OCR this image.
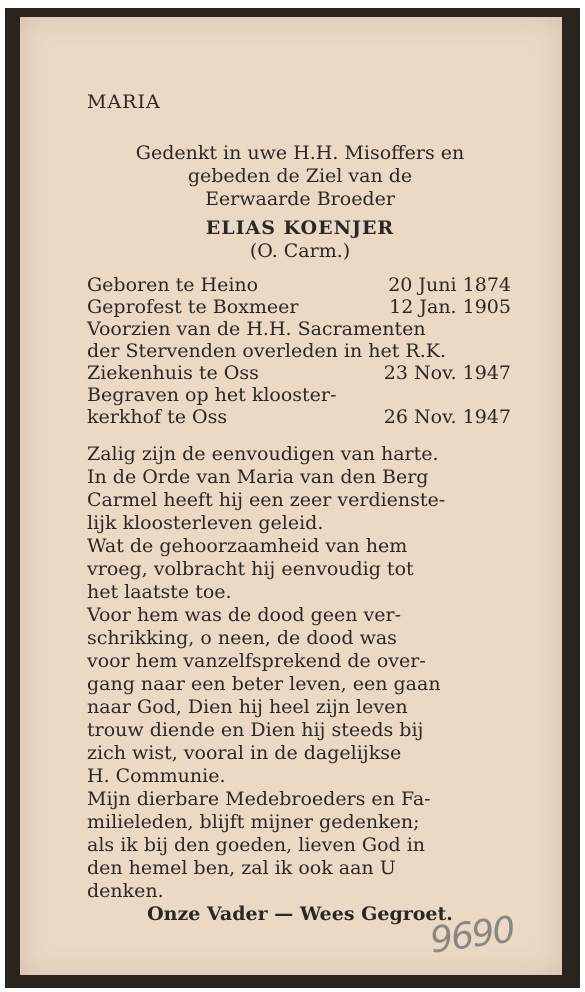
MARIA
Gedenkt in uwe H.H. Misoffers en
gebeden de Ziel van de
Eerwaarde Broeder
ELIAS KOENJER
(O. Carm.)
Geboren te Heino	20 Juni 1874
Geprofest te Boxmeer	12 Jan. 1905
Voorzien van de H.H. Sacramenten
der Stervenden overleden in het R.K.
Ziekenhuis te Oss	23 Nov. 1947
Begraven op het klooster-
kerkhof te Oss	26 Nov. 1947
Zalig zijn de eenvoudigen van harte.
In de Orde van Maria van den Berg
Carmel heeft hij een zeer verdienste-
lijk kloosterleven geleid.
Wat de gehoorzaamheid van hem
vroeg, volbracht hij eenvoudig tot
het laatste toe.
Voor hem was de dood geen ver-
schrikking, o neen, de dood was
voor hem vanzelfsprekend de over-
gang naar een beter leven, een gaan
naar God, Dien hij heel zijn leven
trouw diende en Dien hij steeds bij
zich wist, vooral in de dagelijkse
H. Communie.
Mijn dierbare Medebroeders en Fa-
milieleden, blijft mijner gedenken;
als ik bij den goeden, lieven God in
den hemel ben, zal ik ook aan U
denken.
Onze Vader — Wees Gegroet.
9690
